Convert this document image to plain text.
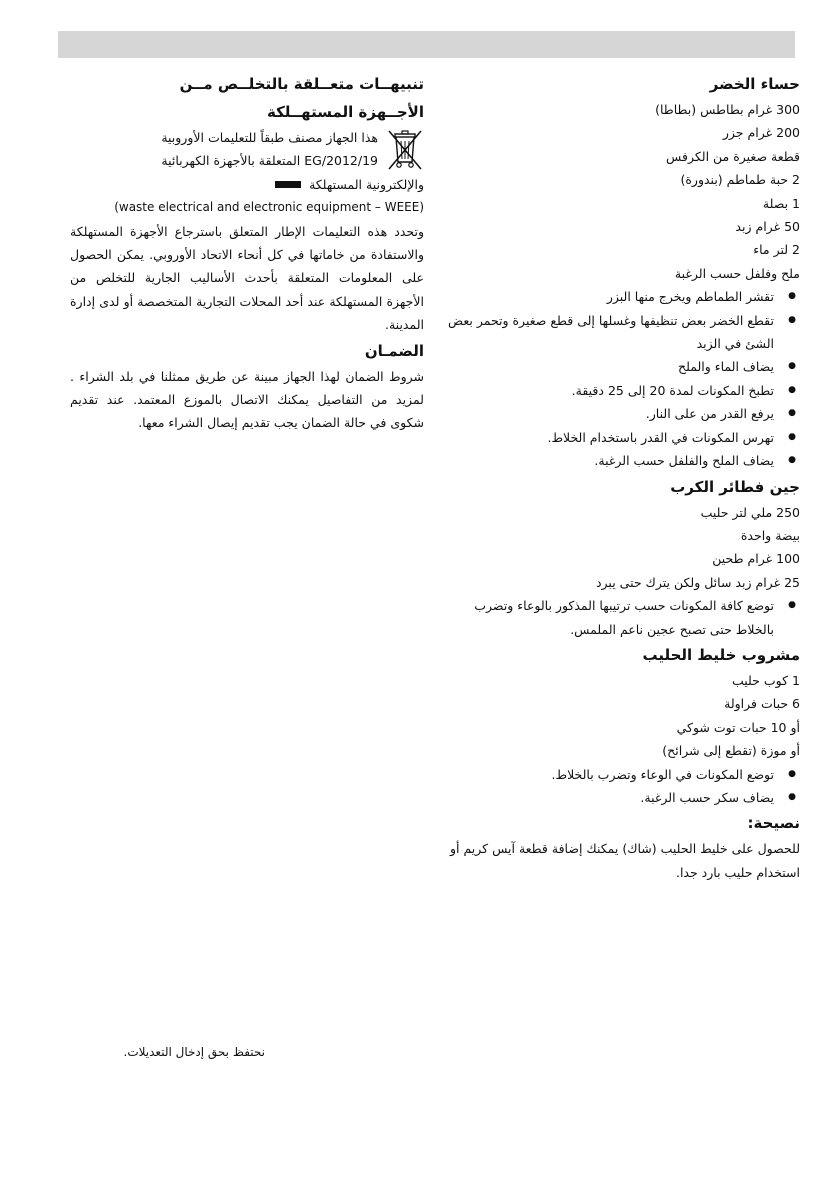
حساء الخضر
300 غرام بطاطس (بطاطا)
200 غرام جزر
قطعة صغيرة من الكرفس
2 حبة طماطم (بندورة)
1 بصلة
50 غرام زبد
2 لتر ماء
ملح وفلفل حسب الرغبة
● تقشر الطماطم ويخرج منها البزر
● تقطع الخضر بعض تنظيفها وغسلها إلى قطع صغيرة وتحمر بعض الشئ في الزبد
● يضاف الماء والملح
● تطبخ المكونات لمدة 20 إلى 25 دقيقة.
● يرفع القدر من على النار.
● تهرس المكونات في القدر باستخدام الخلاط.
● يضاف الملح والفلفل حسب الرغبة.
جين فطائر الكرب
250 ملي لتر حليب
بيضة واحدة
100 غرام طحين
25 غرام زبد سائل ولكن يترك حتى يبرد
● توضع كافة المكونات حسب ترتيبها المذكور بالوعاء وتضرب بالخلاط حتى تصبح عجين ناعم الملمس.
مشروب خليط الحليب
1 كوب حليب
6 حبات فراولة
أو 10 حبات توت شوكي
أو موزة (تقطع إلى شرائح)
● توضع المكونات في الوعاء وتضرب بالخلاط.
● يضاف سكر حسب الرغبة.
نصيحة:
للحصول على خليط الحليب (شاك) يمكنك إضافة قطعة آيس كريم أو استخدام حليب بارد جدا.
تنبيهــات متعــلقة بالتخلــص مــن
الأجــهزة المستهــلكة
هذا الجهاز مصنف طبقاً للتعليمات الأوروبية
2012/19/EG المتعلقة بالأجهزة الكهربائية
والإلكترونية المستهلكة
(waste electrical and electronic equipment – WEEE)

وتحدد هذه التعليمات الإطار المتعلق باسترجاع الأجهزة المستهلكة والاستفادة من خاماتها في كل أنحاء الاتحاد الأوروبي. يمكن الحصول على المعلومات المتعلقة بأحدث الأساليب الجارية للتخلص من الأجهزة المستهلكة عند أحد المحلات التجارية المتخصصة أو لدى إدارة المدينة.

الضمـان

شروط الضمان لهذا الجهاز مبينة عن طريق ممثلنا في بلد الشراء . لمزيد من التفاصيل يمكنك الاتصال بالموزع المعتمد. عند تقديم شكوى في حالة الضمان يجب تقديم إيصال الشراء معها.

نحتفظ بحق إدخال التعديلات.
